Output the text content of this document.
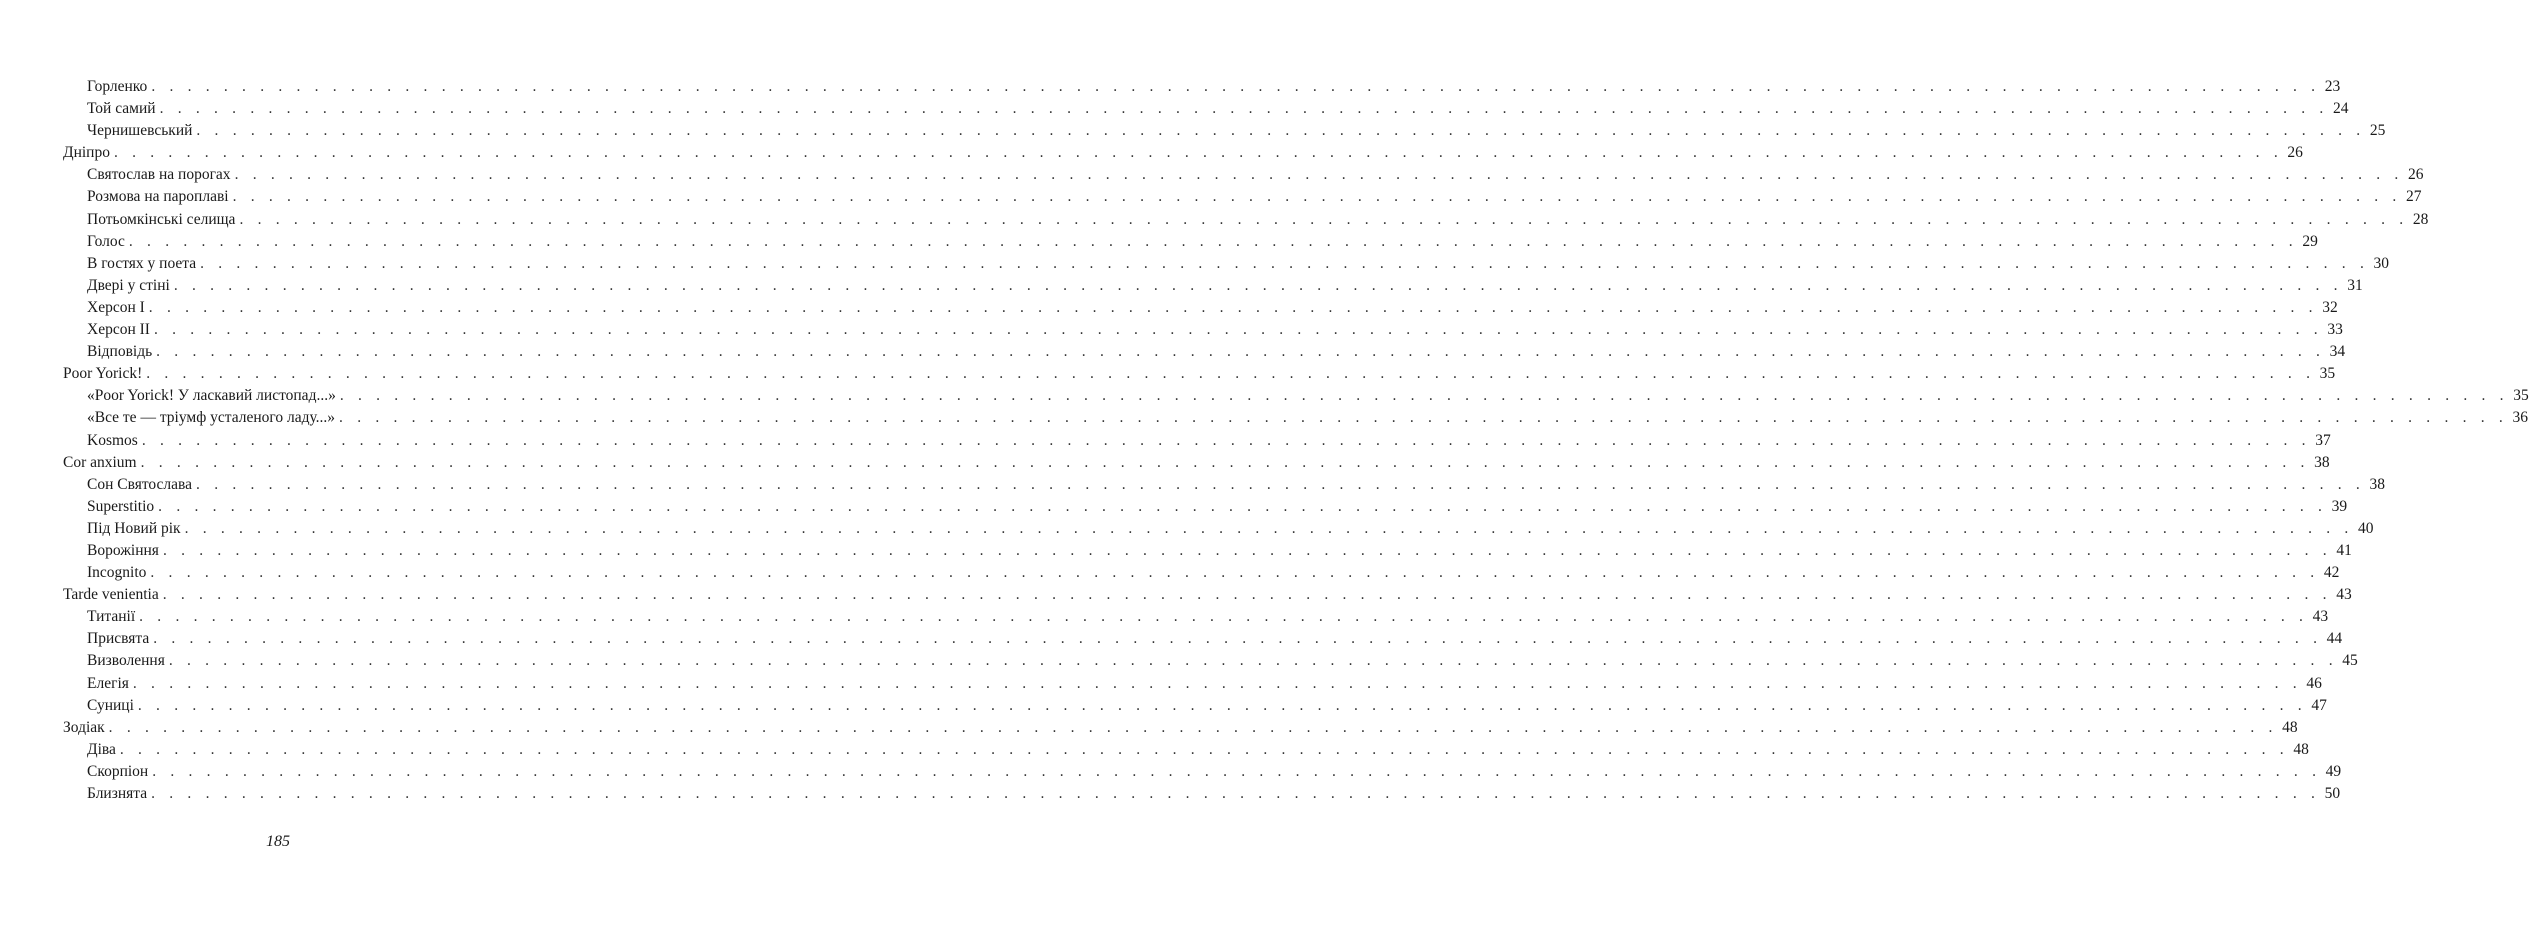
Горленко . . . . . . . . . . . . . . . . . . . . . . . . . . . . . . . . . . . . . . . . . . . . . . . . . . . . . . . . . . . . . . . . . . . . . . . . . . . . . . . . . . . . . . . . . . . . . . . . . . . . . . . . . . . . . . . . . . . . . . . . 23
Той самий . . . . . . . . . . . . . . . . . . . . . . . . . . . . . . . . . . . . . . . . . . . . . . . . . . . . . . . . . . . . . . . . . . . . . . . . . . . . . . . . . . . . . . . . . . . . . . . . . . . . . . . . . . . . . . . . . . . . . . . . 24
Чернишевський . . . . . . . . . . . . . . . . . . . . . . . . . . . . . . . . . . . . . . . . . . . . . . . . . . . . . . . . . . . . . . . . . . . . . . . . . . . . . . . . . . . . . . . . . . . . . . . . . . . . . . . . . . . . . . . . . . . . . . . . 25
Дніпро . . . . . . . . . . . . . . . . . . . . . . . . . . . . . . . . . . . . . . . . . . . . . . . . . . . . . . . . . . . . . . . . . . . . . . . . . . . . . . . . . . . . . . . . . . . . . . . . . . . . . . . . . . . . . . . . . . . . . . . . 26
Святослав на порогах . . . . . . . . . . . . . . . . . . . . . . . . . . . . . . . . . . . . . . . . . . . . . . . . . . . . . . . . . . . . . . . . . . . . . . . . . . . . . . . . . . . . . . . . . . . . . . . . . . . . . . . . . . . . . . . . . . . . . . . . 26
Розмова на пароплаві . . . . . . . . . . . . . . . . . . . . . . . . . . . . . . . . . . . . . . . . . . . . . . . . . . . . . . . . . . . . . . . . . . . . . . . . . . . . . . . . . . . . . . . . . . . . . . . . . . . . . . . . . . . . . . . . . . . . . . . . 27
Потьомкінські селища . . . . . . . . . . . . . . . . . . . . . . . . . . . . . . . . . . . . . . . . . . . . . . . . . . . . . . . . . . . . . . . . . . . . . . . . . . . . . . . . . . . . . . . . . . . . . . . . . . . . . . . . . . . . . . . . . . . . . . . . 28
Голос . . . . . . . . . . . . . . . . . . . . . . . . . . . . . . . . . . . . . . . . . . . . . . . . . . . . . . . . . . . . . . . . . . . . . . . . . . . . . . . . . . . . . . . . . . . . . . . . . . . . . . . . . . . . . . . . . . . . . . . . 29
В гостях у поета . . . . . . . . . . . . . . . . . . . . . . . . . . . . . . . . . . . . . . . . . . . . . . . . . . . . . . . . . . . . . . . . . . . . . . . . . . . . . . . . . . . . . . . . . . . . . . . . . . . . . . . . . . . . . . . . . . . . . . . . 30
Двері у стіні . . . . . . . . . . . . . . . . . . . . . . . . . . . . . . . . . . . . . . . . . . . . . . . . . . . . . . . . . . . . . . . . . . . . . . . . . . . . . . . . . . . . . . . . . . . . . . . . . . . . . . . . . . . . . . . . . . . . . . . . 31
Херсон I . . . . . . . . . . . . . . . . . . . . . . . . . . . . . . . . . . . . . . . . . . . . . . . . . . . . . . . . . . . . . . . . . . . . . . . . . . . . . . . . . . . . . . . . . . . . . . . . . . . . . . . . . . . . . . . . . . . . . . . . 32
Херсон II . . . . . . . . . . . . . . . . . . . . . . . . . . . . . . . . . . . . . . . . . . . . . . . . . . . . . . . . . . . . . . . . . . . . . . . . . . . . . . . . . . . . . . . . . . . . . . . . . . . . . . . . . . . . . . . . . . . . . . . . 33
Відповідь . . . . . . . . . . . . . . . . . . . . . . . . . . . . . . . . . . . . . . . . . . . . . . . . . . . . . . . . . . . . . . . . . . . . . . . . . . . . . . . . . . . . . . . . . . . . . . . . . . . . . . . . . . . . . . . . . . . . . . . . 34
Poor Yorick! . . . . . . . . . . . . . . . . . . . . . . . . . . . . . . . . . . . . . . . . . . . . . . . . . . . . . . . . . . . . . . . . . . . . . . . . . . . . . . . . . . . . . . . . . . . . . . . . . . . . . . . . . . . . . . . . . . . . . . . . 35
«Poor Yorick! У ласкавий листопад...» . . . . . . . . . . . . . . . . . . . . . . . . . . . . . . . . . . . . . . . . . . . . . . . . . . . . . . . . . . . . . . . . . . . . . . . . . . . . . . . . . . . . . . . . . . . . . . . . . . . . . . . . . . . . . . . . . . . . . . . . 35
«Все те — тріумф усталеного ладу...» . . . . . . . . . . . . . . . . . . . . . . . . . . . . . . . . . . . . . . . . . . . . . . . . . . . . . . . . . . . . . . . . . . . . . . . . . . . . . . . . . . . . . . . . . . . . . . . . . . . . . . . . . . . . . . . . . . . . . . . . 36
Kosmos . . . . . . . . . . . . . . . . . . . . . . . . . . . . . . . . . . . . . . . . . . . . . . . . . . . . . . . . . . . . . . . . . . . . . . . . . . . . . . . . . . . . . . . . . . . . . . . . . . . . . . . . . . . . . . . . . . . . . . . . 37
Cor anxium . . . . . . . . . . . . . . . . . . . . . . . . . . . . . . . . . . . . . . . . . . . . . . . . . . . . . . . . . . . . . . . . . . . . . . . . . . . . . . . . . . . . . . . . . . . . . . . . . . . . . . . . . . . . . . . . . . . . . . . . 38
Сон Святослава . . . . . . . . . . . . . . . . . . . . . . . . . . . . . . . . . . . . . . . . . . . . . . . . . . . . . . . . . . . . . . . . . . . . . . . . . . . . . . . . . . . . . . . . . . . . . . . . . . . . . . . . . . . . . . . . . . . . . . . . 38
Superstitio . . . . . . . . . . . . . . . . . . . . . . . . . . . . . . . . . . . . . . . . . . . . . . . . . . . . . . . . . . . . . . . . . . . . . . . . . . . . . . . . . . . . . . . . . . . . . . . . . . . . . . . . . . . . . . . . . . . . . . . . 39
Під Новий рік . . . . . . . . . . . . . . . . . . . . . . . . . . . . . . . . . . . . . . . . . . . . . . . . . . . . . . . . . . . . . . . . . . . . . . . . . . . . . . . . . . . . . . . . . . . . . . . . . . . . . . . . . . . . . . . . . . . . . . . . 40
Ворожіння . . . . . . . . . . . . . . . . . . . . . . . . . . . . . . . . . . . . . . . . . . . . . . . . . . . . . . . . . . . . . . . . . . . . . . . . . . . . . . . . . . . . . . . . . . . . . . . . . . . . . . . . . . . . . . . . . . . . . . . . 41
Incognito . . . . . . . . . . . . . . . . . . . . . . . . . . . . . . . . . . . . . . . . . . . . . . . . . . . . . . . . . . . . . . . . . . . . . . . . . . . . . . . . . . . . . . . . . . . . . . . . . . . . . . . . . . . . . . . . . . . . . . . . 42
Tarde venientia . . . . . . . . . . . . . . . . . . . . . . . . . . . . . . . . . . . . . . . . . . . . . . . . . . . . . . . . . . . . . . . . . . . . . . . . . . . . . . . . . . . . . . . . . . . . . . . . . . . . . . . . . . . . . . . . . . . . . . . . 43
Титанії . . . . . . . . . . . . . . . . . . . . . . . . . . . . . . . . . . . . . . . . . . . . . . . . . . . . . . . . . . . . . . . . . . . . . . . . . . . . . . . . . . . . . . . . . . . . . . . . . . . . . . . . . . . . . . . . . . . . . . . . 43
Присвята . . . . . . . . . . . . . . . . . . . . . . . . . . . . . . . . . . . . . . . . . . . . . . . . . . . . . . . . . . . . . . . . . . . . . . . . . . . . . . . . . . . . . . . . . . . . . . . . . . . . . . . . . . . . . . . . . . . . . . . . 44
Визволення . . . . . . . . . . . . . . . . . . . . . . . . . . . . . . . . . . . . . . . . . . . . . . . . . . . . . . . . . . . . . . . . . . . . . . . . . . . . . . . . . . . . . . . . . . . . . . . . . . . . . . . . . . . . . . . . . . . . . . . . 45
Елегія . . . . . . . . . . . . . . . . . . . . . . . . . . . . . . . . . . . . . . . . . . . . . . . . . . . . . . . . . . . . . . . . . . . . . . . . . . . . . . . . . . . . . . . . . . . . . . . . . . . . . . . . . . . . . . . . . . . . . . . . 46
Суниці . . . . . . . . . . . . . . . . . . . . . . . . . . . . . . . . . . . . . . . . . . . . . . . . . . . . . . . . . . . . . . . . . . . . . . . . . . . . . . . . . . . . . . . . . . . . . . . . . . . . . . . . . . . . . . . . . . . . . . . . 47
Зодіак . . . . . . . . . . . . . . . . . . . . . . . . . . . . . . . . . . . . . . . . . . . . . . . . . . . . . . . . . . . . . . . . . . . . . . . . . . . . . . . . . . . . . . . . . . . . . . . . . . . . . . . . . . . . . . . . . . . . . . . . 48
Діва . . . . . . . . . . . . . . . . . . . . . . . . . . . . . . . . . . . . . . . . . . . . . . . . . . . . . . . . . . . . . . . . . . . . . . . . . . . . . . . . . . . . . . . . . . . . . . . . . . . . . . . . . . . . . . . . . . . . . . . . 48
Скорпіон . . . . . . . . . . . . . . . . . . . . . . . . . . . . . . . . . . . . . . . . . . . . . . . . . . . . . . . . . . . . . . . . . . . . . . . . . . . . . . . . . . . . . . . . . . . . . . . . . . . . . . . . . . . . . . . . . . . . . . . . 49
Близнята . . . . . . . . . . . . . . . . . . . . . . . . . . . . . . . . . . . . . . . . . . . . . . . . . . . . . . . . . . . . . . . . . . . . . . . . . . . . . . . . . . . . . . . . . . . . . . . . . . . . . . . . . . . . . . . . . . . . . . . . 50
185
